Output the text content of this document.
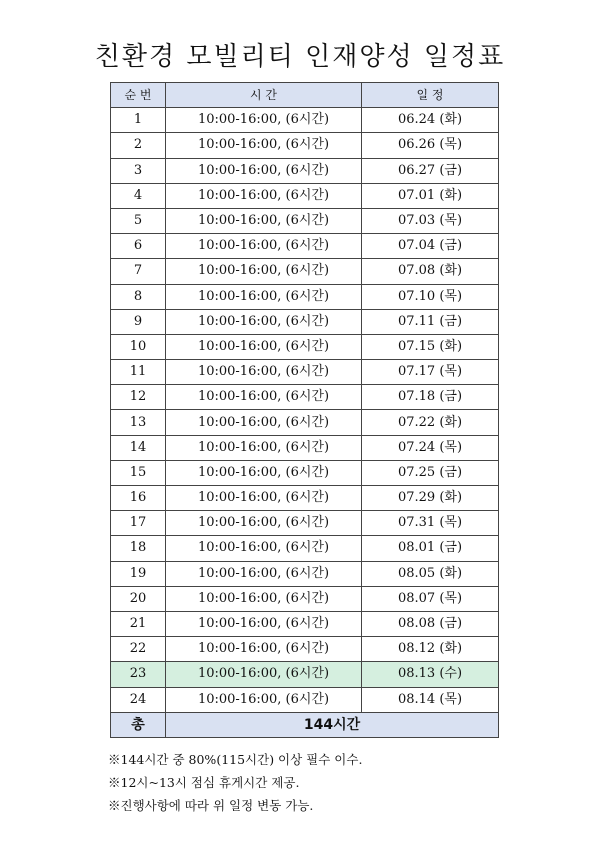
친환경 모빌리티 인재양성 일정표
순 번	시 간	일 정
1	10:00-16:00, (6시간)	06.24 (화)
2	10:00-16:00, (6시간)	06.26 (목)
3	10:00-16:00, (6시간)	06.27 (금)
4	10:00-16:00, (6시간)	07.01 (화)
5	10:00-16:00, (6시간)	07.03 (목)
6	10:00-16:00, (6시간)	07.04 (금)
7	10:00-16:00, (6시간)	07.08 (화)
8	10:00-16:00, (6시간)	07.10 (목)
9	10:00-16:00, (6시간)	07.11 (금)
10	10:00-16:00, (6시간)	07.15 (화)
11	10:00-16:00, (6시간)	07.17 (목)
12	10:00-16:00, (6시간)	07.18 (금)
13	10:00-16:00, (6시간)	07.22 (화)
14	10:00-16:00, (6시간)	07.24 (목)
15	10:00-16:00, (6시간)	07.25 (금)
16	10:00-16:00, (6시간)	07.29 (화)
17	10:00-16:00, (6시간)	07.31 (목)
18	10:00-16:00, (6시간)	08.01 (금)
19	10:00-16:00, (6시간)	08.05 (화)
20	10:00-16:00, (6시간)	08.07 (목)
21	10:00-16:00, (6시간)	08.08 (금)
22	10:00-16:00, (6시간)	08.12 (화)
23	10:00-16:00, (6시간)	08.13 (수)
24	10:00-16:00, (6시간)	08.14 (목)
총	144시간	
※144시간 중 80%(115시간) 이상 필수 이수.
※12시~13시 점심 휴게시간 제공.
※진행사항에 따라 위 일정 변동 가능.
